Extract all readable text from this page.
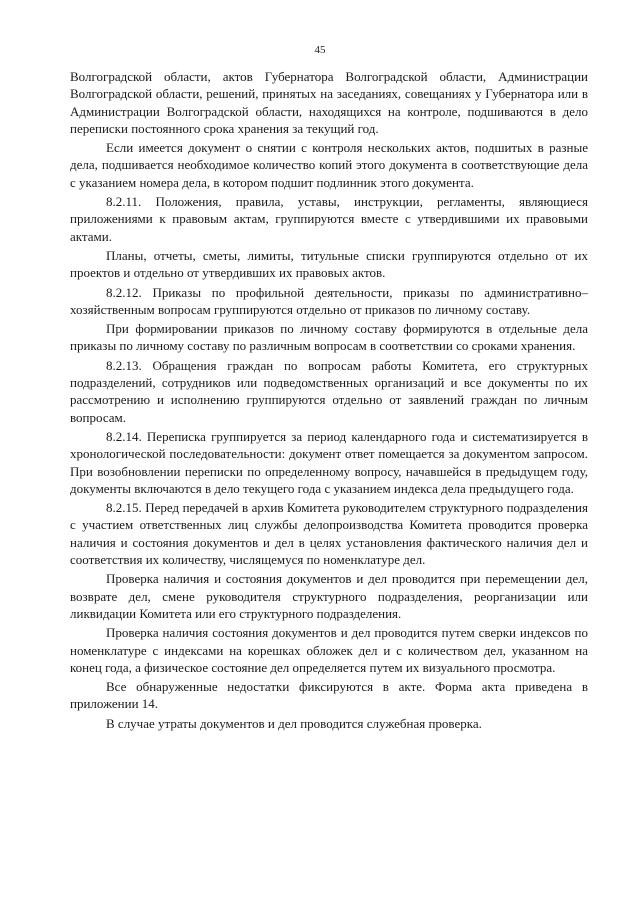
45

Волгоградской области, актов Губернатора Волгоградской области, Администрации Волгоградской области, решений, принятых на заседаниях, совещаниях у Губернатора или в Администрации Волгоградской области, находящихся на контроле, подшиваются в дело переписки постоянного срока хранения за текущий год.

Если имеется документ о снятии с контроля нескольких актов, подшитых в разные дела, подшивается необходимое количество копий этого документа в соответствующие дела с указанием номера дела, в котором подшит подлинник этого документа.

8.2.11. Положения, правила, уставы, инструкции, регламенты, являющиеся приложениями к правовым актам, группируются вместе с утвердившими их правовыми актами.

Планы, отчеты, сметы, лимиты, титульные списки группируются отдельно от их проектов и отдельно от утвердивших их правовых актов.

8.2.12. Приказы по профильной деятельности, приказы по административно–хозяйственным вопросам группируются отдельно от приказов по личному составу.

При формировании приказов по личному составу формируются в отдельные дела приказы по личному составу по различным вопросам в соответствии со сроками хранения.

8.2.13. Обращения граждан по вопросам работы Комитета, его структурных подразделений, сотрудников или подведомственных организаций и все документы по их рассмотрению и исполнению группируются отдельно от заявлений граждан по личным вопросам.

8.2.14. Переписка группируется за период календарного года и систематизируется в хронологической последовательности: документ ответ помещается за документом запросом. При возобновлении переписки по определенному вопросу, начавшейся в предыдущем году, документы включаются в дело текущего года с указанием индекса дела предыдущего года.

8.2.15. Перед передачей в архив Комитета руководителем структурного подразделения с участием ответственных лиц службы делопроизводства Комитета проводится проверка наличия и состояния документов и дел в целях установления фактического наличия дел и соответствия их количеству, числящемуся по номенклатуре дел.

Проверка наличия и состояния документов и дел проводится при перемещении дел, возврате дел, смене руководителя структурного подразделения, реорганизации или ликвидации Комитета или его структурного подразделения.

Проверка наличия состояния документов и дел проводится путем сверки индексов по номенклатуре с индексами на корешках обложек дел и с количеством дел, указанном на конец года, а физическое состояние дел определяется путем их визуального просмотра.

Все обнаруженные недостатки фиксируются в акте. Форма акта приведена в приложении 14.

В случае утраты документов и дел проводится служебная проверка.
